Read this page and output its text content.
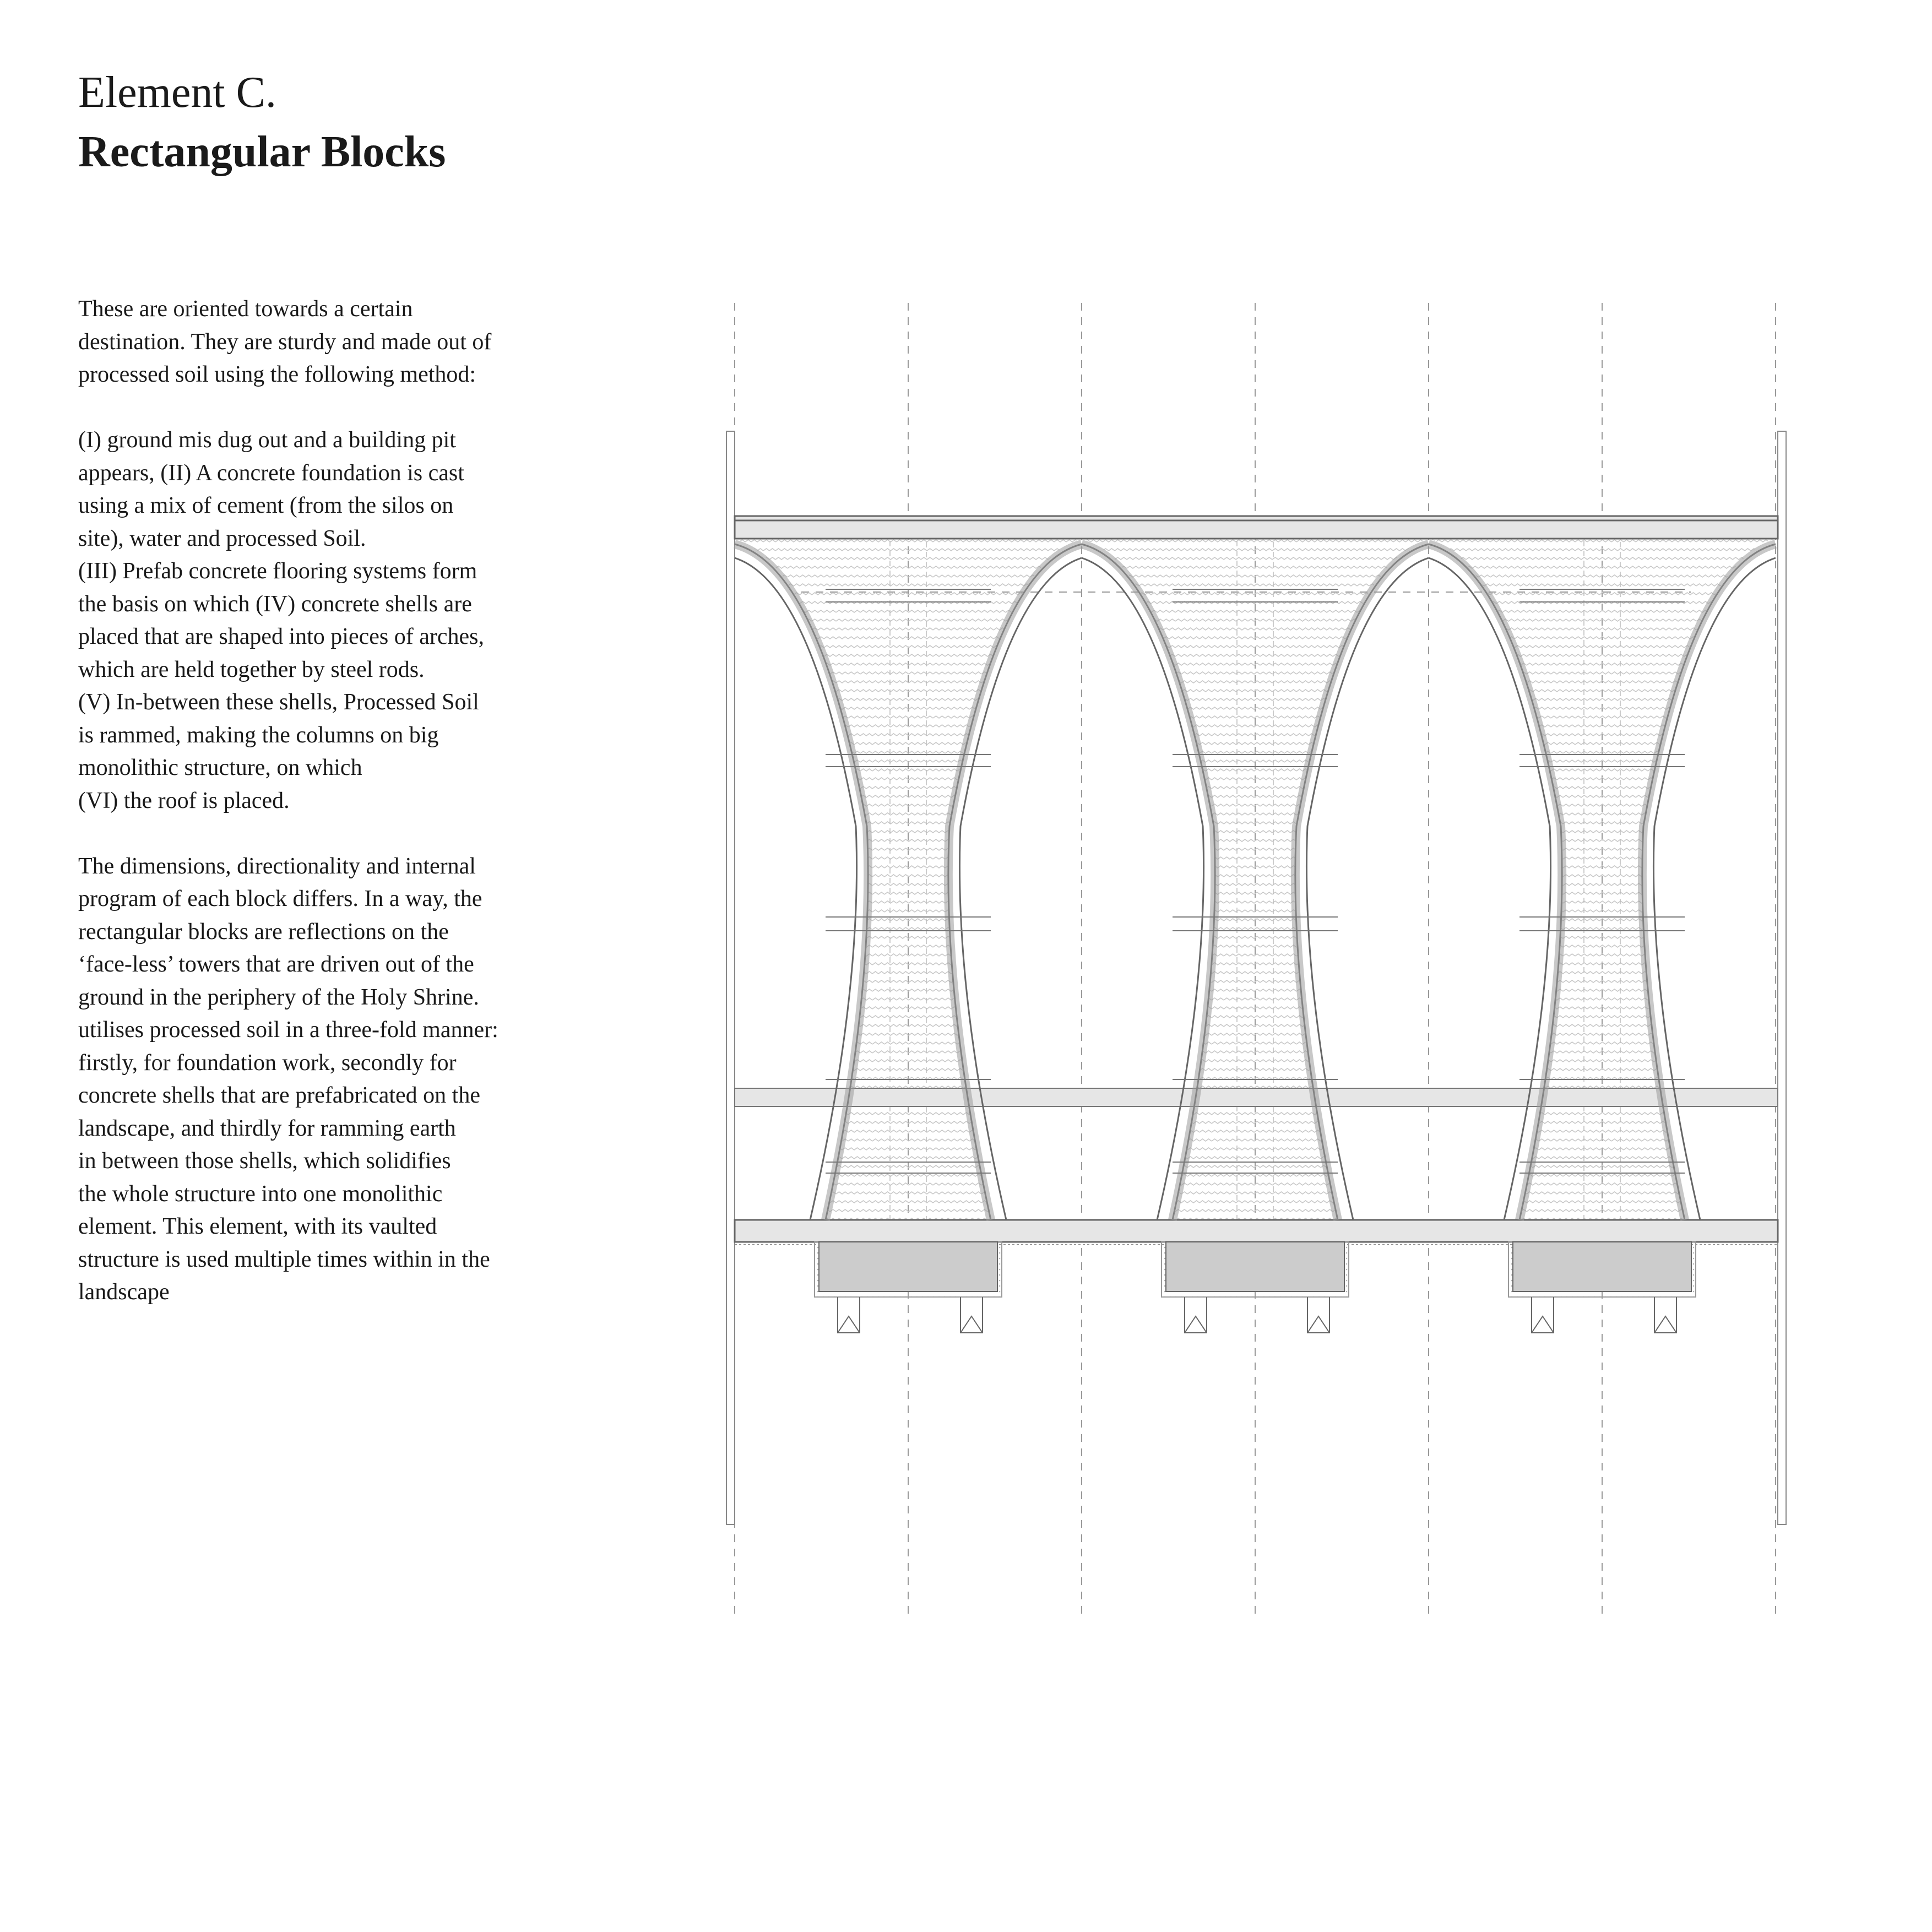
Element C.
Rectangular Blocks

These are oriented towards a certain
destination. They are sturdy and made out of
processed soil using the following method:

(I) ground mis dug out and a building pit
appears, (II) A concrete foundation is cast
using a mix of cement (from the silos on
site), water and processed Soil.
(III) Prefab concrete flooring systems form
the basis on which (IV) concrete shells are
placed that are shaped into pieces of arches,
which are held together by steel rods.
(V) In-between these shells, Processed Soil
is rammed, making the columns on big
monolithic structure, on which
(VI) the roof is placed.

The dimensions, directionality and internal
program of each block differs. In a way, the
rectangular blocks are reflections on the
‘face-less’ towers that are driven out of the
ground in the periphery of the Holy Shrine.
utilises processed soil in a three-fold manner:
firstly, for foundation work, secondly for
concrete shells that are prefabricated on the
landscape, and thirdly for ramming earth
in between those shells, which solidifies
the whole structure into one monolithic
element. This element, with its vaulted
structure is used multiple times within in the
landscape
